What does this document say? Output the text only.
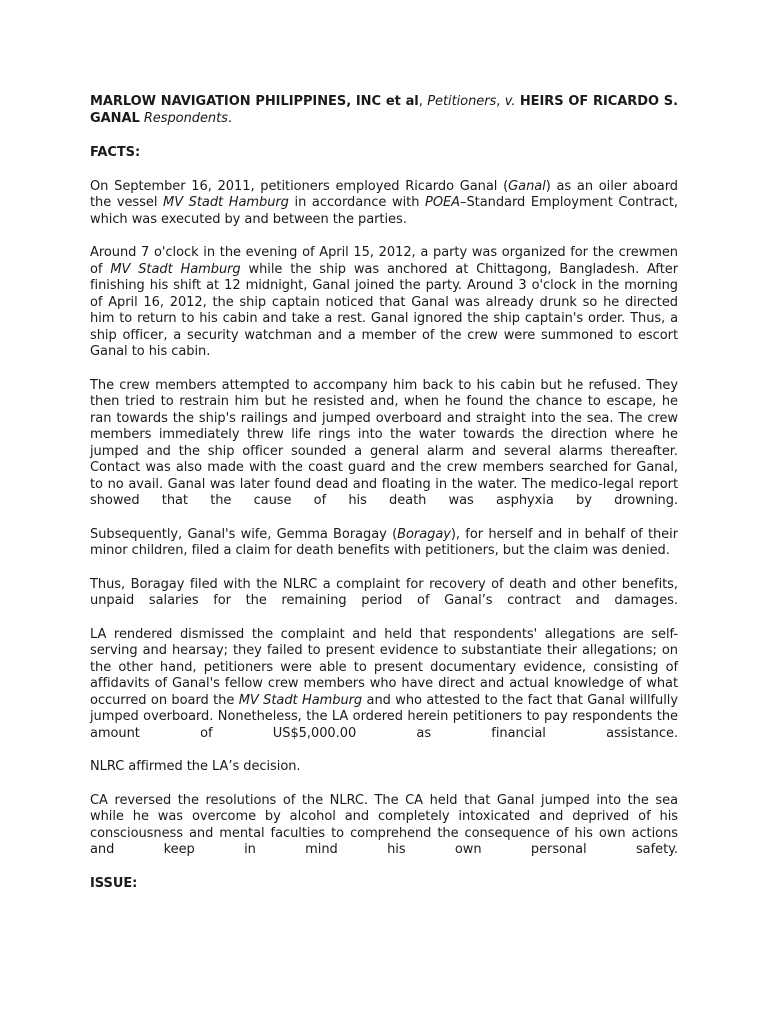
MARLOW NAVIGATION PHILIPPINES, INC et al, Petitioners, v. HEIRS OF RICARDO S. GANAL Respondents.

FACTS:

On September 16, 2011, petitioners employed Ricardo Ganal (Ganal) as an oiler aboard the vessel MV Stadt Hamburg in accordance with POEA–Standard Employment Contract, which was executed by and between the parties.

Around 7 o'clock in the evening of April 15, 2012, a party was organized for the crewmen of MV Stadt Hamburg while the ship was anchored at Chittagong, Bangladesh. After finishing his shift at 12 midnight, Ganal joined the party. Around 3 o'clock in the morning of April 16, 2012, the ship captain noticed that Ganal was already drunk so he directed him to return to his cabin and take a rest. Ganal ignored the ship captain's order. Thus, a ship officer, a security watchman and a member of the crew were summoned to escort Ganal to his cabin.

The crew members attempted to accompany him back to his cabin but he refused. They then tried to restrain him but he resisted and, when he found the chance to escape, he ran towards the ship's railings and jumped overboard and straight into the sea. The crew members immediately threw life rings into the water towards the direction where he jumped and the ship officer sounded a general alarm and several alarms thereafter. Contact was also made with the coast guard and the crew members searched for Ganal, to no avail. Ganal was later found dead and floating in the water. The medico-legal report showed that the cause of his death was asphyxia by drowning.

Subsequently, Ganal's wife, Gemma Boragay (Boragay), for herself and in behalf of their minor children, filed a claim for death benefits with petitioners, but the claim was denied.

Thus, Boragay filed with the NLRC a complaint for recovery of death and other benefits, unpaid salaries for the remaining period of Ganal’s contract and damages.

LA rendered dismissed the complaint and held that respondents' allegations are self-serving and hearsay; they failed to present evidence to substantiate their allegations; on the other hand, petitioners were able to present documentary evidence, consisting of affidavits of Ganal's fellow crew members who have direct and actual knowledge of what occurred on board the MV Stadt Hamburg and who attested to the fact that Ganal willfully jumped overboard. Nonetheless, the LA ordered herein petitioners to pay respondents the amount of US$5,000.00 as financial assistance.

NLRC affirmed the LA’s decision.

CA reversed the resolutions of the NLRC. The CA held that Ganal jumped into the sea while he was overcome by alcohol and completely intoxicated and deprived of his consciousness and mental faculties to comprehend the consequence of his own actions and keep in mind his own personal safety.

ISSUE:
